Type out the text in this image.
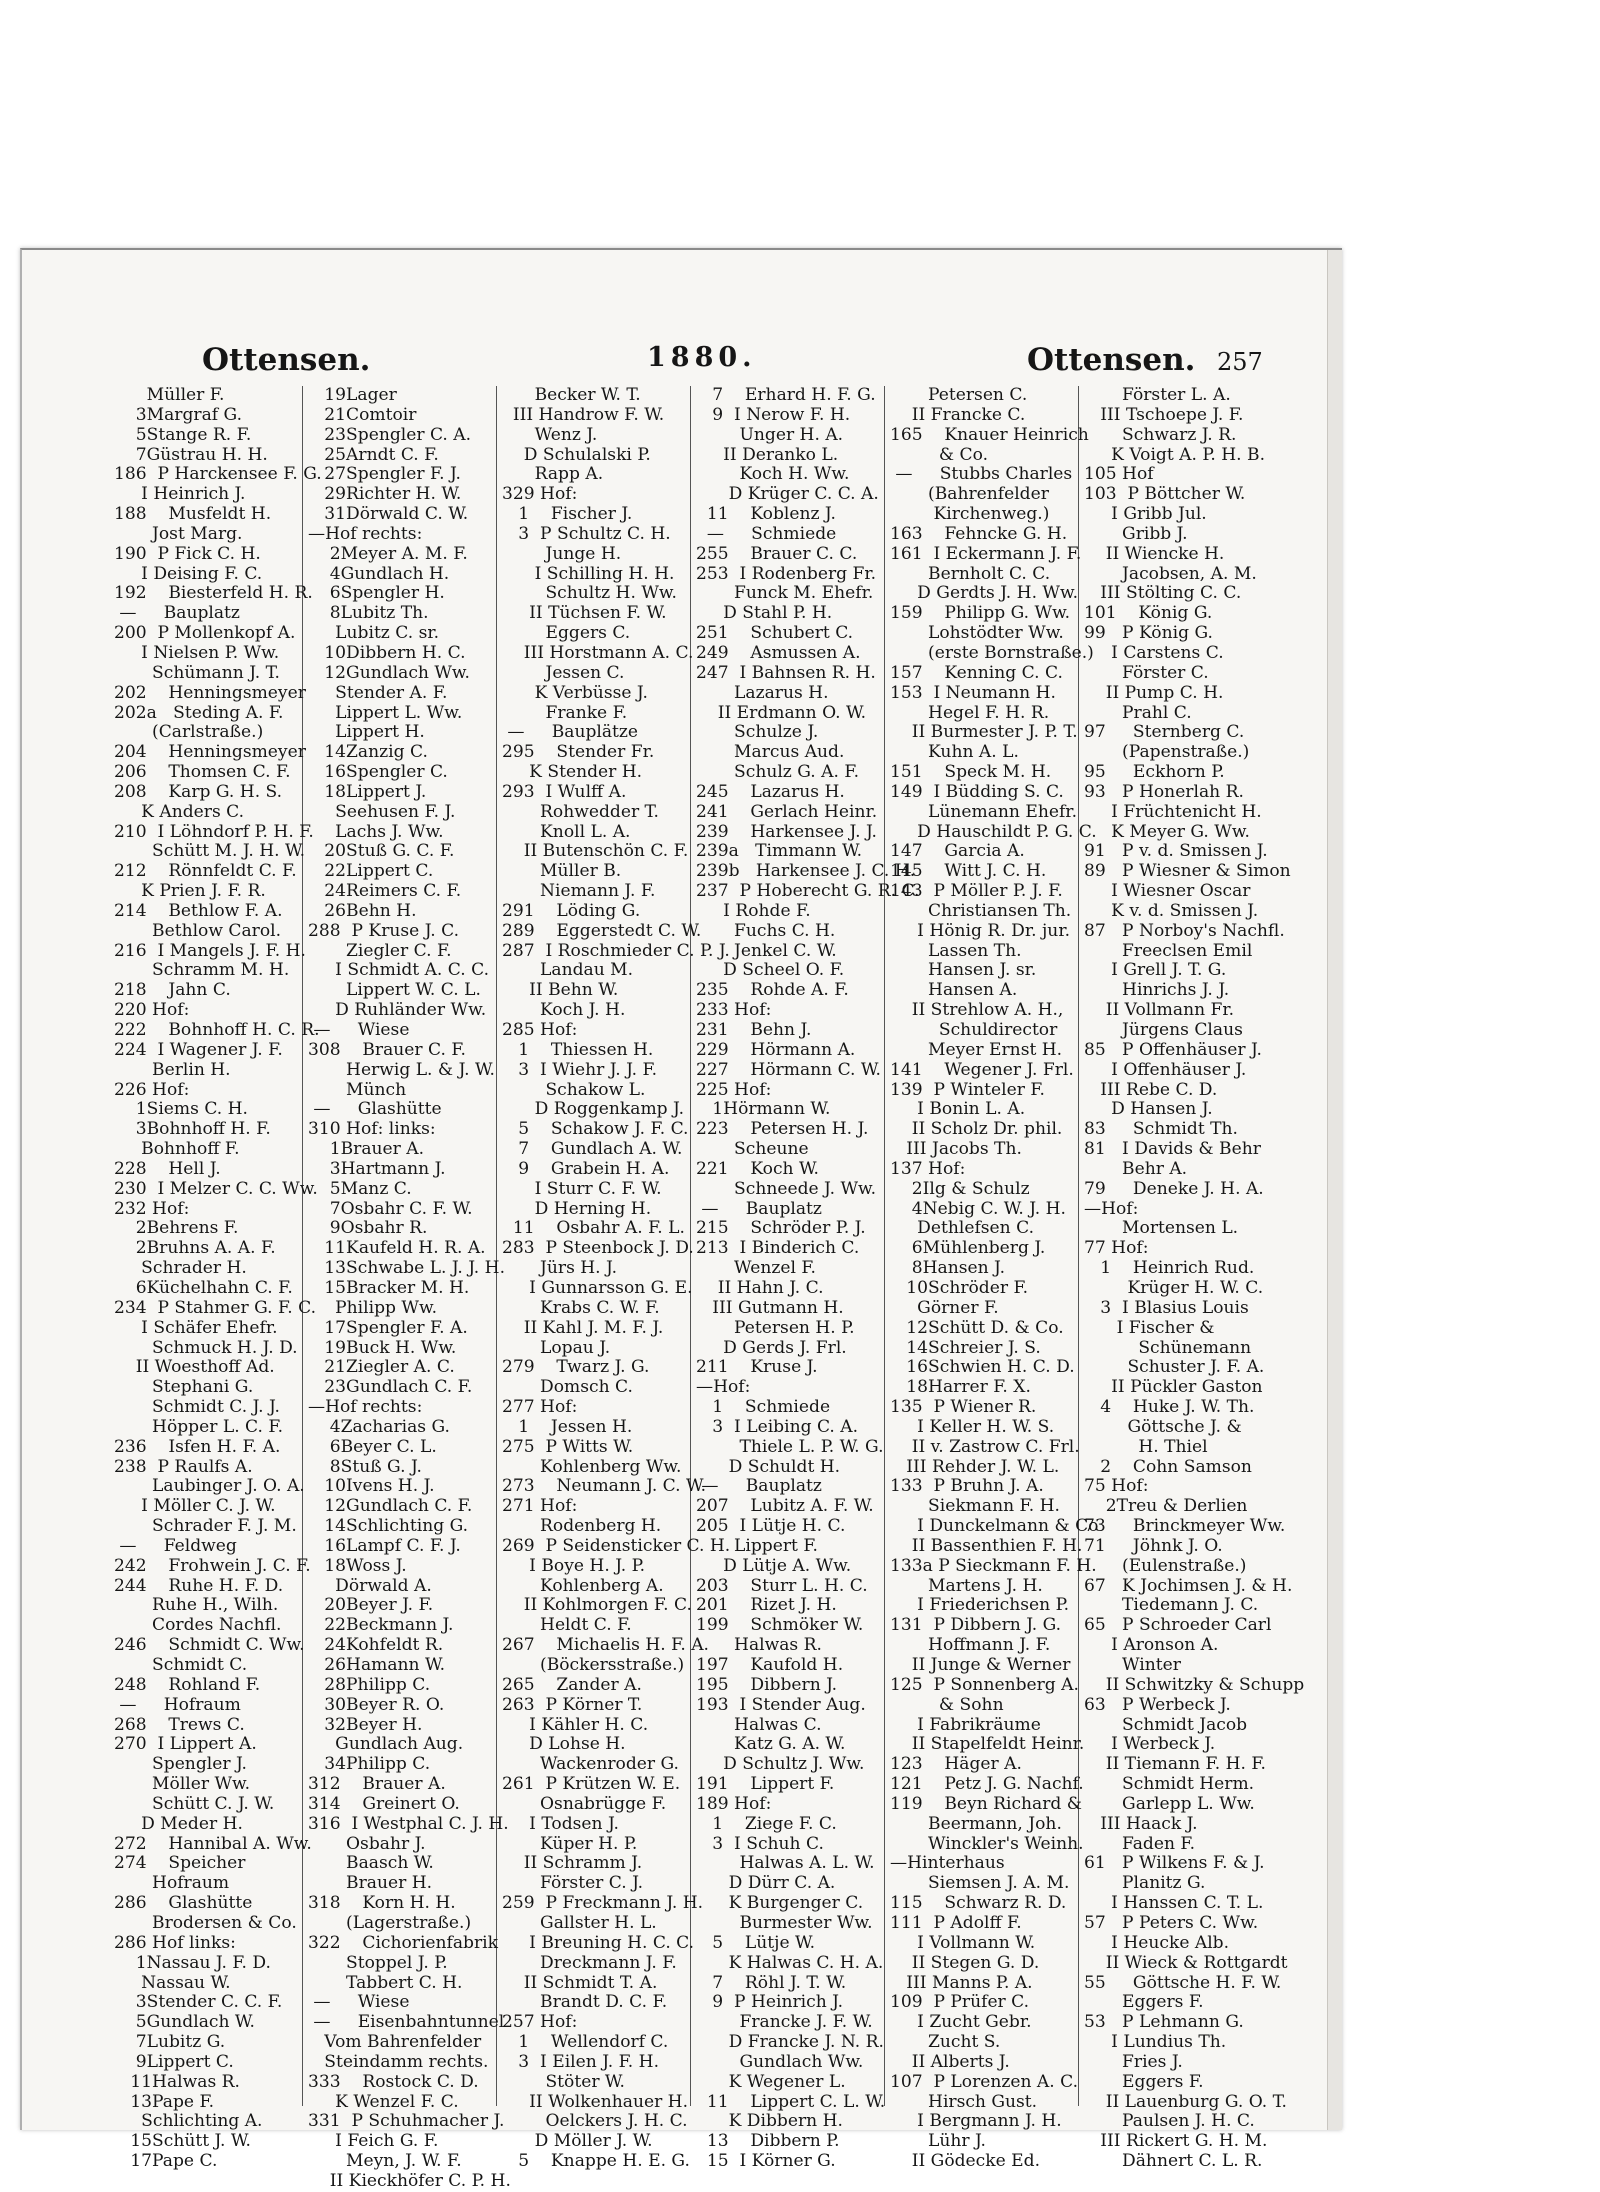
Ottensen.	1880.	Ottensen. 257
Müller F.
3Margraf G.
5Stange R. F.
7Güstrau H. H.
186  P Harckensee F. G.
I Heinrich J.
188    Musfeldt H.
Jost Marg.
190  P Fick C. H.
I Deising F. C.
192    Biesterfeld H. R.
—     Bauplatz
200  P Mollenkopf A.
I Nielsen P. Ww.
Schümann J. T.
202    Henningsmeyer
202a   Steding A. F.
(Carlstraße.)
204    Henningsmeyer
206    Thomsen C. F.
208    Karp G. H. S.
K Anders C.
210  I Löhndorf P. H. F.
Schütt M. J. H. W.
212    Rönnfeldt C. F.
K Prien J. F. R.
214    Bethlow F. A.
Bethlow Carol.
216  I Mangels J. F. H.
Schramm M. H.
218    Jahn C.
220 Hof:
222    Bohnhoff H. C. R.
224  I Wagener J. F.
Berlin H.
226 Hof:
1Siems C. H.
3Bohnhoff H. F.
Bohnhoff F.
228    Hell J.
230  I Melzer C. C. Ww.
232 Hof:
2Behrens F.
2Bruhns A. A. F.
Schrader H.
6Küchelhahn C. F.
234  P Stahmer G. F. C.
I Schäfer Ehefr.
Schmuck H. J. D.
II Woesthoff Ad.
Stephani G.
Schmidt C. J. J.
Höpper L. C. F.
236    Isfen H. F. A.
238  P Raulfs A.
Laubinger J. O. A.
I Möller C. J. W.
Schrader F. J. M.
—     Feldweg
242    Frohwein J. C. F.
244    Ruhe H. F. D.
Ruhe H., Wilh.
Cordes Nachfl.
246    Schmidt C. Ww.
Schmidt C.
248    Rohland F.
—     Hofraum
268    Trews C.
270  I Lippert A.
Spengler J.
Möller Ww.
Schütt C. J. W.
D Meder H.
272    Hannibal A. Ww.
274    Speicher
Hofraum
286    Glashütte
Brodersen & Co.
286 Hof links:
1Nassau J. F. D.
Nassau W.
3Stender C. C. F.
5Gundlach W.
7Lubitz G.
9Lippert C.
11Halwas R.
13Pape F.
Schlichting A.
15Schütt J. W.
17Pape C.
19Lager
21Comtoir
23Spengler C. A.
25Arndt C. F.
27Spengler F. J.
29Richter H. W.
31Dörwald C. W.
—Hof rechts:
2Meyer A. M. F.
4Gundlach H.
6Spengler H.
8Lubitz Th.
Lubitz C. sr.
10Dibbern H. C.
12Gundlach Ww.
Stender A. F.
Lippert L. Ww.
Lippert H.
14Zanzig C.
16Spengler C.
18Lippert J.
Seehusen F. J.
Lachs J. Ww.
20Stuß G. C. F.
22Lippert C.
24Reimers C. F.
26Behn H.
288  P Kruse J. C.
Ziegler C. F.
I Schmidt A. C. C.
Lippert W. C. L.
D Ruhländer Ww.
—     Wiese
308    Brauer C. F.
Herwig L. & J. W.
Münch
—     Glashütte
310 Hof: links:
1Brauer A.
3Hartmann J.
5Manz C.
7Osbahr C. F. W.
9Osbahr R.
11Kaufeld H. R. A.
13Schwabe L. J. J. H.
15Bracker M. H.
Philipp Ww.
17Spengler F. A.
19Buck H. Ww.
21Ziegler A. C.
23Gundlach C. F.
—Hof rechts:
4Zacharias G.
6Beyer C. L.
8Stuß G. J.
10Ivens H. J.
12Gundlach C. F.
14Schlichting G.
16Lampf C. F. J.
18Woss J.
Dörwald A.
20Beyer J. F.
22Beckmann J.
24Kohfeldt R.
26Hamann W.
28Philipp C.
30Beyer R. O.
32Beyer H.
Gundlach Aug.
34Philipp C.
312    Brauer A.
314    Greinert O.
316  I Westphal C. J. H.
Osbahr J.
Baasch W.
Brauer H.
318    Korn H. H.
(Lagerstraße.)
322    Cichorienfabrik
Stoppel J. P.
Tabbert C. H.
—     Wiese
—     Eisenbahntunnel
Vom Bahrenfelder
Steindamm rechts.
333    Rostock C. D.
K Wenzel F. C.
331  P Schuhmacher J.
I Feich G. F.
Meyn, J. W. F.
II Kieckhöfer C. P. H.
Becker W. T.
III Handrow F. W.
Wenz J.
D Schulalski P.
Rapp A.
329 Hof:
1    Fischer J.
3  P Schultz C. H.
Junge H.
I Schilling H. H.
Schultz H. Ww.
II Tüchsen F. W.
Eggers C.
III Horstmann A. C.
Jessen C.
K Verbüsse J.
Franke F.
—     Bauplätze
295    Stender Fr.
K Stender H.
293  I Wulff A.
Rohwedder T.
Knoll L. A.
II Butenschön C. F.
Müller B.
Niemann J. F.
291    Löding G.
289    Eggerstedt C. W.
287  I Roschmieder C. P. J.
Landau M.
II Behn W.
Koch J. H.
285 Hof:
1    Thiessen H.
3  I Wiehr J. J. F.
Schakow L.
D Roggenkamp J.
5    Schakow J. F. C.
7    Gundlach A. W.
9    Grabein H. A.
I Sturr C. F. W.
D Herning H.
11    Osbahr A. F. L.
283  P Steenbock J. D.
Jürs H. J.
I Gunnarsson G. E.
Krabs C. W. F.
II Kahl J. M. F. J.
Lopau J.
279    Twarz J. G.
Domsch C.
277 Hof:
1    Jessen H.
275  P Witts W.
Kohlenberg Ww.
273    Neumann J. C. W.
271 Hof:
Rodenberg H.
269  P Seidensticker C. H.
I Boye H. J. P.
Kohlenberg A.
II Kohlmorgen F. C.
Heldt C. F.
267    Michaelis H. F. A.
(Böckersstraße.)
265    Zander A.
263  P Körner T.
I Kähler H. C.
D Lohse H.
Wackenroder G.
261  P Krützen W. E.
Osnabrügge F.
I Todsen J.
Küper H. P.
II Schramm J.
Förster C. J.
259  P Freckmann J. H.
Gallster H. L.
I Breuning H. C. C.
Dreckmann J. F.
II Schmidt T. A.
Brandt D. C. F.
257 Hof:
1    Wellendorf C.
3  I Eilen J. F. H.
Stöter W.
II Wolkenhauer H.
Oelckers J. H. C.
D Möller J. W.
5    Knappe H. E. G.
7    Erhard H. F. G.
9  I Nerow F. H.
Unger H. A.
II Deranko L.
Koch H. Ww.
D Krüger C. C. A.
11    Koblenz J.
—     Schmiede
255    Brauer C. C.
253  I Rodenberg Fr.
Funck M. Ehefr.
D Stahl P. H.
251    Schubert C.
249    Asmussen A.
247  I Bahnsen R. H.
Lazarus H.
II Erdmann O. W.
Schulze J.
Marcus Aud.
Schulz G. A. F.
245    Lazarus H.
241    Gerlach Heinr.
239    Harkensee J. J.
239a   Timmann W.
239b   Harkensee J. C. H.
237  P Hoberecht G. R. C.
I Rohde F.
Fuchs C. H.
Jenkel C. W.
D Scheel O. F.
235    Rohde A. F.
233 Hof:
231    Behn J.
229    Hörmann A.
227    Hörmann C. W.
225 Hof:
1Hörmann W.
223    Petersen H. J.
Scheune
221    Koch W.
Schneede J. Ww.
—     Bauplatz
215    Schröder P. J.
213  I Binderich C.
Wenzel F.
II Hahn J. C.
III Gutmann H.
Petersen H. P.
D Gerds J. Frl.
211    Kruse J.
—Hof:
1    Schmiede
3  I Leibing C. A.
Thiele L. P. W. G.
D Schuldt H.
—     Bauplatz
207    Lubitz A. F. W.
205  I Lütje H. C.
Lippert F.
D Lütje A. Ww.
203    Sturr L. H. C.
201    Rizet J. H.
199    Schmöker W.
Halwas R.
197    Kaufold H.
195    Dibbern J.
193  I Stender Aug.
Halwas C.
Katz G. A. W.
D Schultz J. Ww.
191    Lippert F.
189 Hof:
1    Ziege F. C.
3  I Schuh C.
Halwas A. L. W.
D Dürr C. A.
K Burgenger C.
Burmester Ww.
5    Lütje W.
K Halwas C. H. A.
7    Röhl J. T. W.
9  P Heinrich J.
Francke J. F. W.
D Francke J. N. R.
Gundlach Ww.
K Wegener L.
11    Lippert C. L. W.
K Dibbern H.
13    Dibbern P.
15  I Körner G.
Petersen C.
II Francke C.
165    Knauer Heinrich
& Co.
—     Stubbs Charles
(Bahrenfelder
Kirchenweg.)
163    Fehncke G. H.
161  I Eckermann J. F.
Bernholt C. C.
D Gerdts J. H. Ww.
159    Philipp G. Ww.
Lohstödter Ww.
(erste Bornstraße.)
157    Kenning C. C.
153  I Neumann H.
Hegel F. H. R.
II Burmester J. P. T.
Kuhn A. L.
151    Speck M. H.
149  I Büdding S. C.
Lünemann Ehefr.
D Hauschildt P. G. C.
147    Garcia A.
145    Witt J. C. H.
143  P Möller P. J. F.
Christiansen Th.
I Hönig R. Dr. jur.
Lassen Th.
Hansen J. sr.
Hansen A.
II Strehlow A. H.,
Schuldirector
Meyer Ernst H.
141    Wegener J. Frl.
139  P Winteler F.
I Bonin L. A.
II Scholz Dr. phil.
III Jacobs Th.
137 Hof:
2Ilg & Schulz
4Nebig C. W. J. H.
Dethlefsen C.
6Mühlenberg J.
8Hansen J.
10Schröder F.
Görner F.
12Schütt D. & Co.
14Schreier J. S.
16Schwien H. C. D.
18Harrer F. X.
135  P Wiener R.
I Keller H. W. S.
II v. Zastrow C. Frl.
III Rehder J. W. L.
133  P Bruhn J. A.
Siekmann F. H.
I Dunckelmann & Co
II Bassenthien F. H.
133a P Sieckmann F. H.
Martens J. H.
I Friederichsen P.
131  P Dibbern J. G.
Hoffmann J. F.
II Junge & Werner
125  P Sonnenberg A.
& Sohn
I Fabrikräume
II Stapelfeldt Heinr.
123    Häger A.
121    Petz J. G. Nachf.
119    Beyn Richard &
Beermann, Joh.
Winckler's Weinh.
—Hinterhaus
Siemsen J. A. M.
115    Schwarz R. D.
111  P Adolff F.
I Vollmann W.
II Stegen G. D.
III Manns P. A.
109  P Prüfer C.
I Zucht Gebr.
Zucht S.
II Alberts J.
107  P Lorenzen A. C.
Hirsch Gust.
I Bergmann J. H.
Lühr J.
II Gödecke Ed.
Förster L. A.
III Tschoepe J. F.
Schwarz J. R.
K Voigt A. P. H. B.
105 Hof
103  P Böttcher W.
I Gribb Jul.
Gribb J.
II Wiencke H.
Jacobsen, A. M.
III Stölting C. C.
101    König G.
99   P König G.
I Carstens C.
Förster C.
II Pump C. H.
Prahl C.
97     Sternberg C.
(Papenstraße.)
95     Eckhorn P.
93   P Honerlah R.
I Früchtenicht H.
K Meyer G. Ww.
91   P v. d. Smissen J.
89   P Wiesner & Simon
I Wiesner Oscar
K v. d. Smissen J.
87   P Norboy's Nachfl.
Freeclsen Emil
I Grell J. T. G.
Hinrichs J. J.
II Vollmann Fr.
Jürgens Claus
85   P Offenhäuser J.
I Offenhäuser J.
III Rebe C. D.
D Hansen J.
83     Schmidt Th.
81   I Davids & Behr
Behr A.
79     Deneke J. H. A.
—Hof:
Mortensen L.
77 Hof:
1    Heinrich Rud.
Krüger H. W. C.
3  I Blasius Louis
I Fischer &
Schünemann
Schuster J. F. A.
II Pückler Gaston
4    Huke J. W. Th.
Göttsche J. &
H. Thiel
2    Cohn Samson
75 Hof:
2Treu & Derlien
73     Brinckmeyer Ww.
71     Jöhnk J. O.
(Eulenstraße.)
67   K Jochimsen J. & H.
Tiedemann J. C.
65   P Schroeder Carl
I Aronson A.
Winter
II Schwitzky & Schupp
63   P Werbeck J.
Schmidt Jacob
I Werbeck J.
II Tiemann F. H. F.
Schmidt Herm.
Garlepp L. Ww.
III Haack J.
Faden F.
61   P Wilkens F. & J.
Planitz G.
I Hanssen C. T. L.
57   P Peters C. Ww.
I Heucke Alb.
II Wieck & Rottgardt
55     Göttsche H. F. W.
Eggers F.
53   P Lehmann G.
I Lundius Th.
Fries J.
Eggers F.
II Lauenburg G. O. T.
Paulsen J. H. C.
III Rickert G. H. M.
Dähnert C. L. R.
